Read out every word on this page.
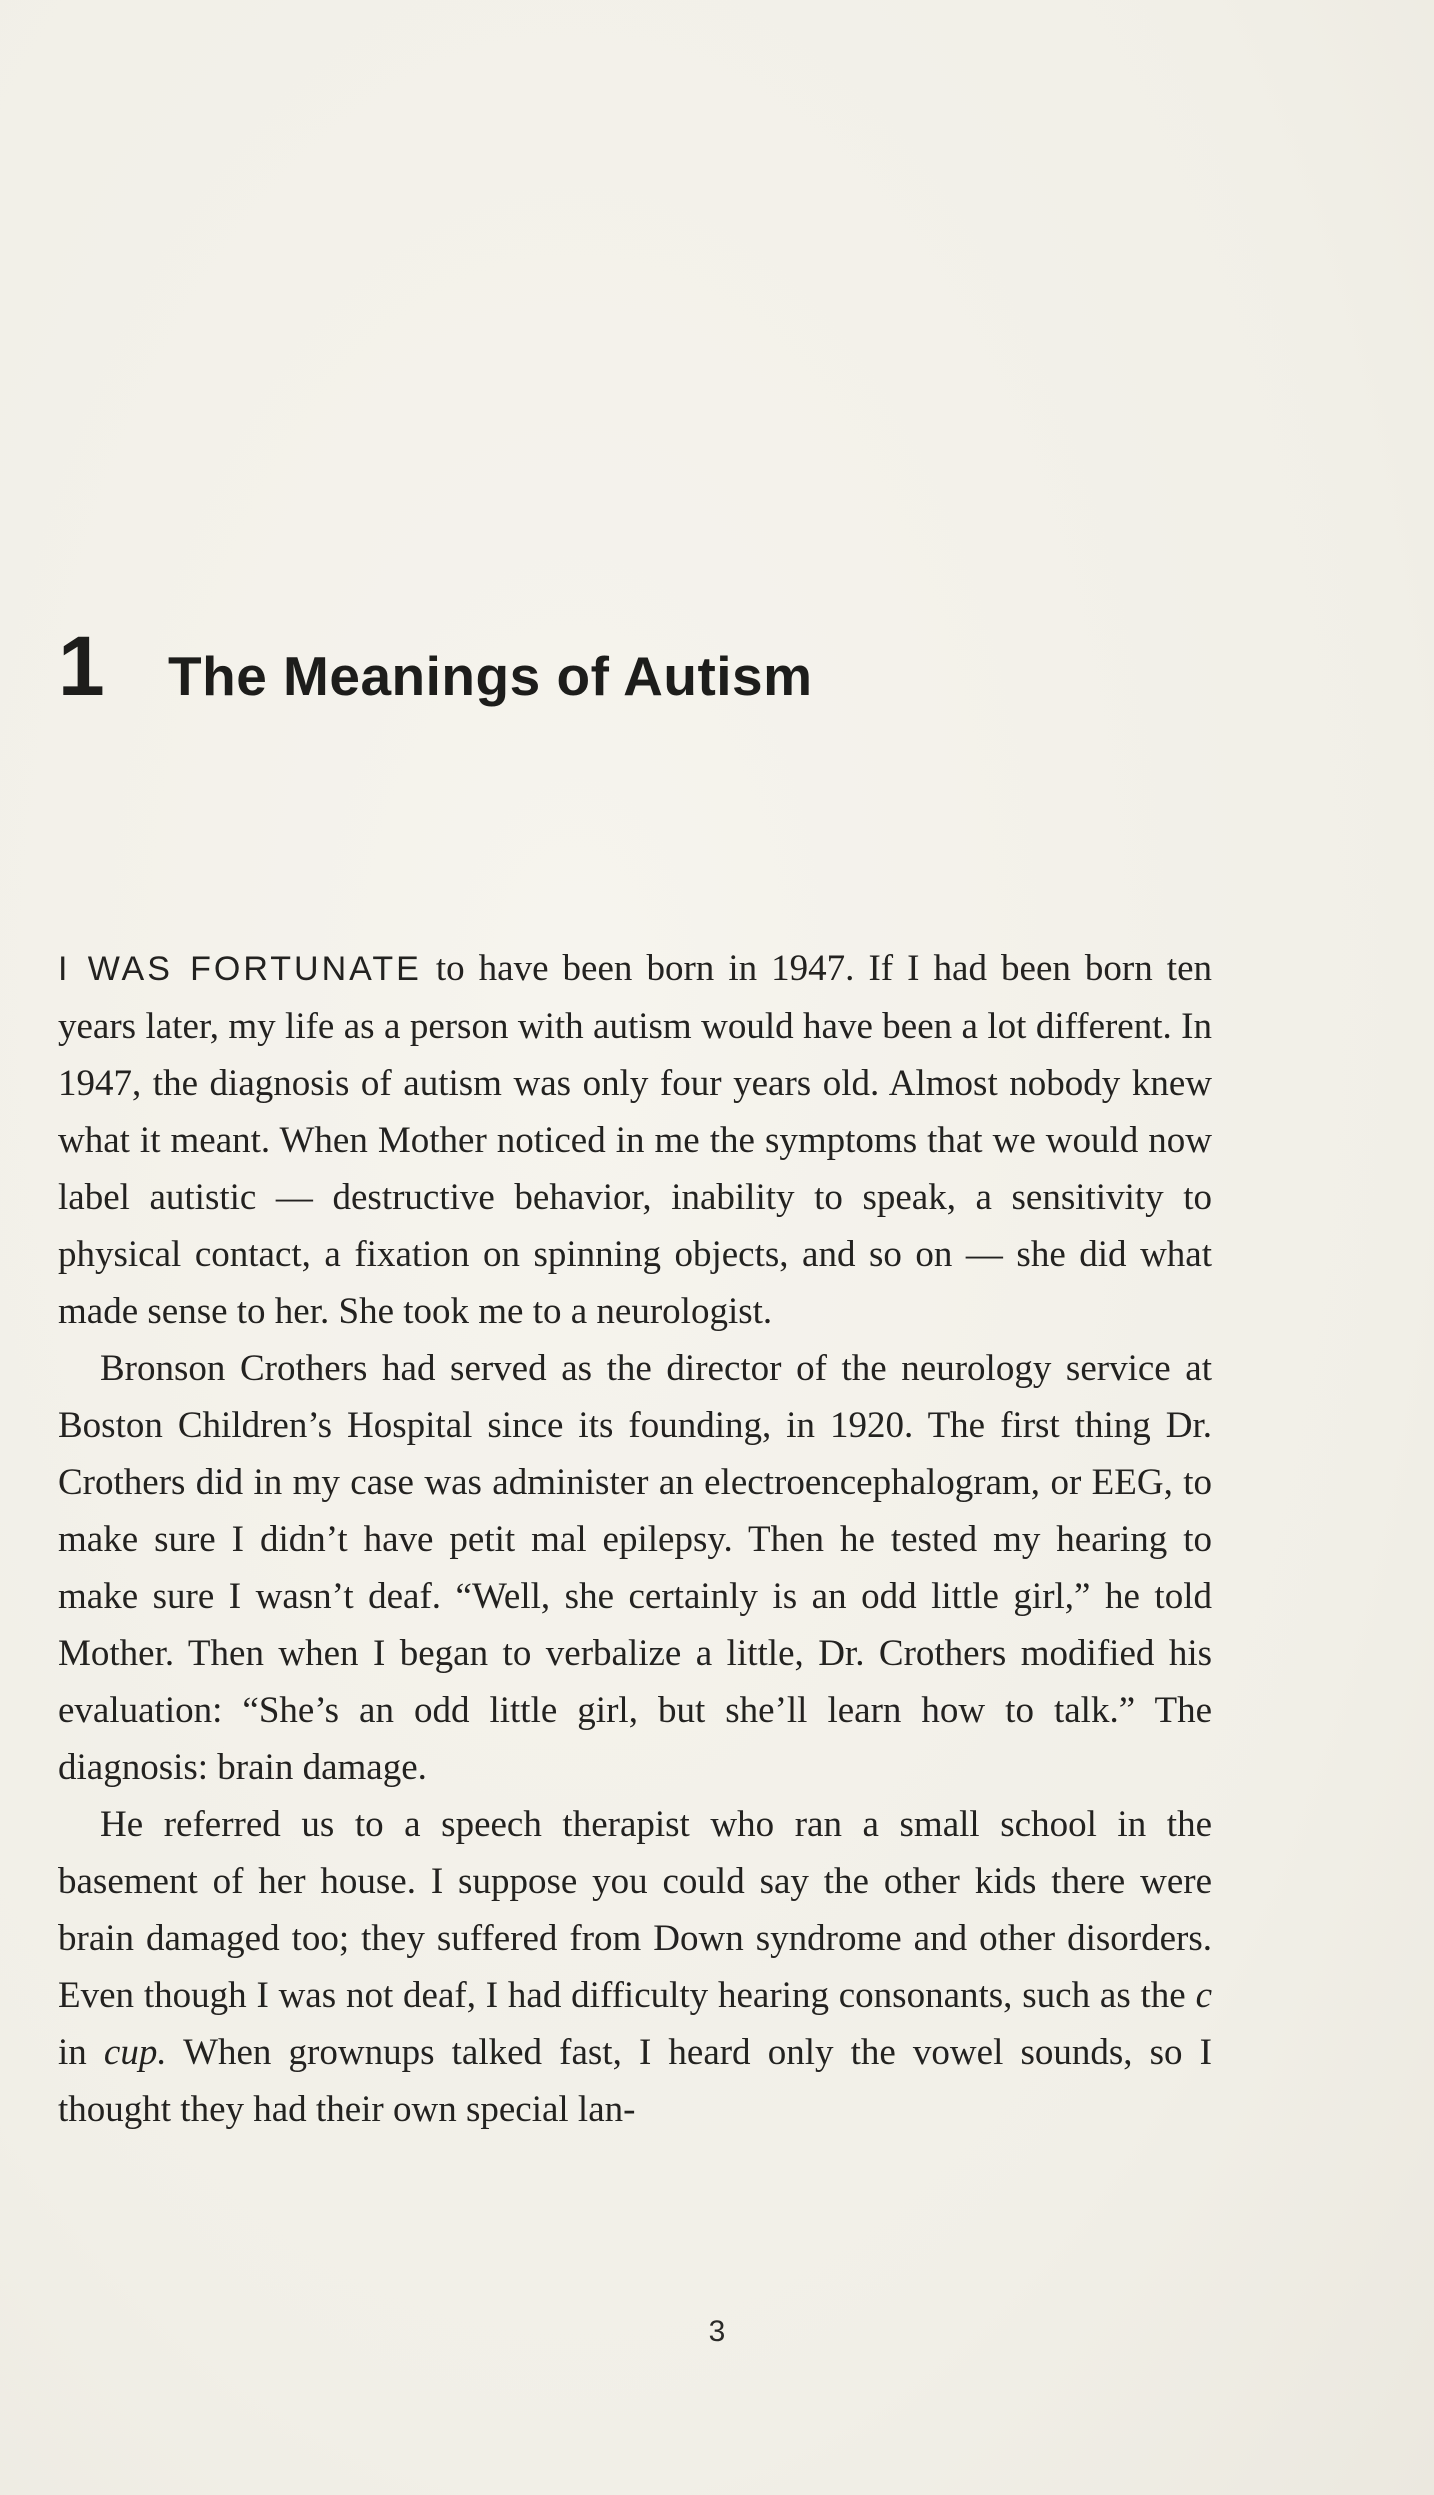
1	The Meanings of Autism

I WAS FORTUNATE to have been born in 1947. If I had been born ten years later, my life as a person with autism would have been a lot different. In 1947, the diagnosis of autism was only four years old. Almost nobody knew what it meant. When Mother noticed in me the symptoms that we would now label autistic — destructive behavior, inability to speak, a sensitivity to physical contact, a fixation on spinning objects, and so on — she did what made sense to her. She took me to a neurologist.

Bronson Crothers had served as the director of the neurology service at Boston Children’s Hospital since its founding, in 1920. The first thing Dr. Crothers did in my case was administer an electroencephalogram, or EEG, to make sure I didn’t have petit mal epilepsy. Then he tested my hearing to make sure I wasn’t deaf. “Well, she certainly is an odd little girl,” he told Mother. Then when I began to verbalize a little, Dr. Crothers modified his evaluation: “She’s an odd little girl, but she’ll learn how to talk.” The diagnosis: brain damage.

He referred us to a speech therapist who ran a small school in the basement of her house. I suppose you could say the other kids there were brain damaged too; they suffered from Down syndrome and other disorders. Even though I was not deaf, I had difficulty hearing consonants, such as the c in cup. When grownups talked fast, I heard only the vowel sounds, so I thought they had their own special lan-

3
